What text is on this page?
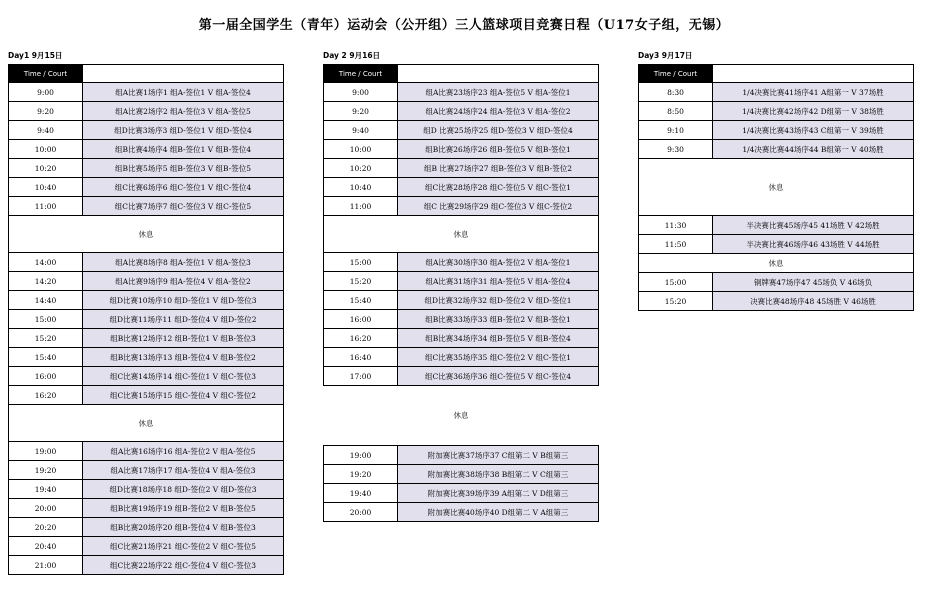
第一届全国学生（青年）运动会（公开组）三人篮球项目竞赛日程（U17女子组，无锡）
Day1 9月15日
Time / Court
9:00	组A比赛1场序1 组A-签位1 V 组A-签位4
9:20	组A比赛2场序2 组A-签位3 V 组A-签位5
9:40	组D比赛3场序3 组D-签位1 V 组D-签位4
10:00	组B比赛4场序4 组B-签位1 V 组B-签位4
10:20	组B比赛5场序5 组B-签位3 V 组B-签位5
10:40	组C比赛6场序6 组C-签位1 V 组C-签位4
11:00	组C比赛7场序7 组C-签位3 V 组C-签位5
休息
14:00	组A比赛8场序8 组A-签位1 V 组A-签位3
14:20	组A比赛9场序9 组A-签位4 V 组A-签位2
14:40	组D比赛10场序10 组D-签位1 V 组D-签位3
15:00	组D比赛11场序11 组D-签位4 V 组D-签位2
15:20	组B比赛12场序12 组B-签位1 V 组B-签位3
15:40	组B比赛13场序13 组B-签位4 V 组B-签位2
16:00	组C比赛14场序14 组C-签位1 V 组C-签位3
16:20	组C比赛15场序15 组C-签位4 V 组C-签位2
休息
19:00	组A比赛16场序16 组A-签位2 V 组A-签位5
19:20	组A比赛17场序17 组A-签位4 V 组A-签位3
19:40	组D比赛18场序18 组D-签位2 V 组D-签位3
20:00	组B比赛19场序19 组B-签位2 V 组B-签位5
20:20	组B比赛20场序20 组B-签位4 V 组B-签位3
20:40	组C比赛21场序21 组C-签位2 V 组C-签位5
21:00	组C比赛22场序22 组C-签位4 V 组C-签位3
Day 2 9月16日
Time / Court
9:00	组A比赛23场序23 组A-签位5 V 组A-签位1
9:20	组A比赛24场序24 组A-签位3 V 组A-签位2
9:40	组D 比赛25场序25 组D-签位3 V 组D-签位4
10:00	组B比赛26场序26 组B-签位5 V 组B-签位1
10:20	组B 比赛27场序27 组B-签位3 V 组B-签位2
10:40	组C比赛28场序28 组C-签位5 V 组C-签位1
11:00	组C 比赛29场序29 组C-签位3 V 组C-签位2
休息
15:00	组A比赛30场序30 组A-签位2 V 组A-签位1
15:20	组A比赛31场序31 组A-签位5 V 组A-签位4
15:40	组D比赛32场序32 组D-签位2 V 组D-签位1
16:00	组B比赛33场序33 组B-签位2 V 组B-签位1
16:20	组B比赛34场序34 组B-签位5 V 组B-签位4
16:40	组C比赛35场序35 组C-签位2 V 组C-签位1
17:00	组C比赛36场序36 组C-签位5 V 组C-签位4
休息
19:00	附加赛比赛37场序37 C组第二 V B组第三
19:20	附加赛比赛38场序38 B组第二 V C组第三
19:40	附加赛比赛39场序39 A组第二 V D组第三
20:00	附加赛比赛40场序40 D组第二 V A组第三
Day3 9月17日
Time / Court
8:30	1/4决赛比赛41场序41 A组第一 V 37场胜
8:50	1/4决赛比赛42场序42 D组第一 V 38场胜
9:10	1/4决赛比赛43场序43 C组第一 V 39场胜
9:30	1/4决赛比赛44场序44 B组第一 V 40场胜
休息
11:30	半决赛比赛45场序45 41场胜 V 42场胜
11:50	半决赛比赛46场序46 43场胜 V 44场胜
休息
15:00	铜牌赛47场序47 45场负 V 46场负
15:20	决赛比赛48场序48 45场胜 V 46场胜
